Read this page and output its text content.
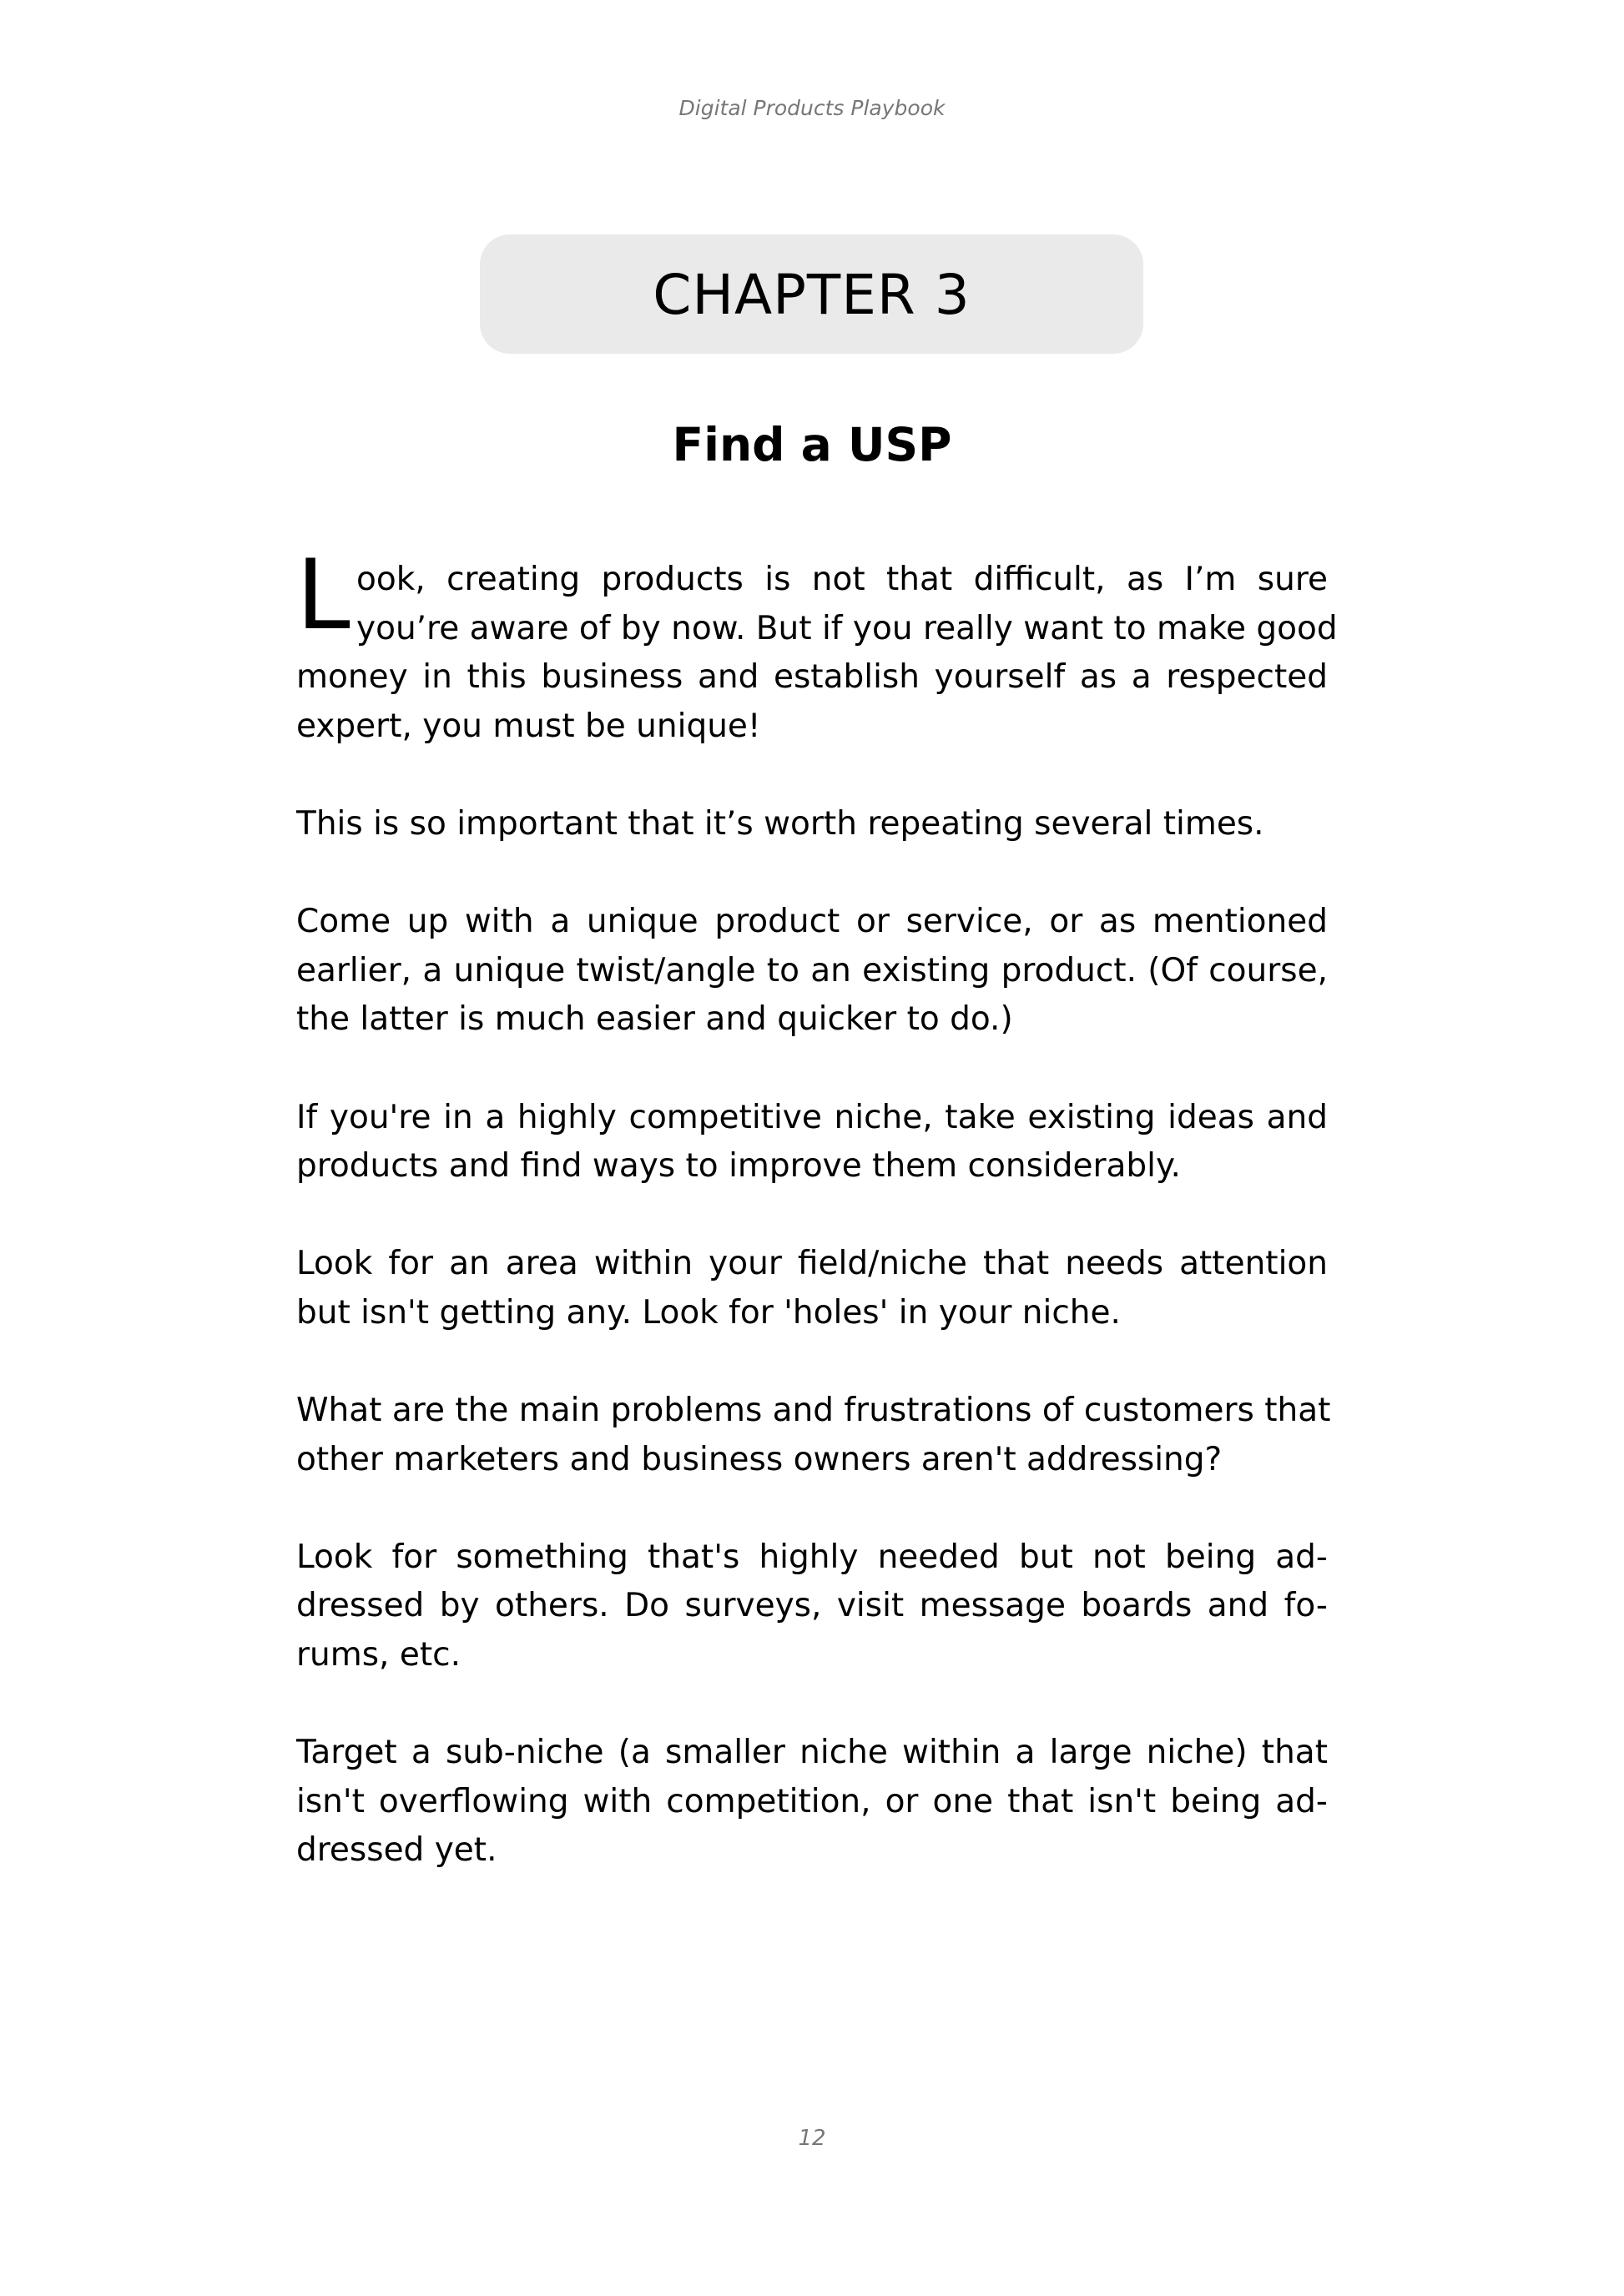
Digital Products Playbook
CHAPTER 3
Find a USP
L ook, creating products is not that difficult, as I’m sure
you’re aware of by now. But if you really want to make good
money in this business and establish yourself as a respected
expert, you must be unique!
This is so important that it’s worth repeating several times.
Come up with a unique product or service, or as mentioned
earlier, a unique twist/angle to an existing product. (Of course,
the latter is much easier and quicker to do.)
If you're in a highly competitive niche, take existing ideas and
products and find ways to improve them considerably.
Look for an area within your field/niche that needs attention
but isn't getting any. Look for 'holes' in your niche.
What are the main problems and frustrations of customers that
other marketers and business owners aren't addressing?
Look for something that's highly needed but not being ad-
dressed by others. Do surveys, visit message boards and fo-
rums, etc.
Target a sub-niche (a smaller niche within a large niche) that
isn't overflowing with competition, or one that isn't being ad-
dressed yet.
12
